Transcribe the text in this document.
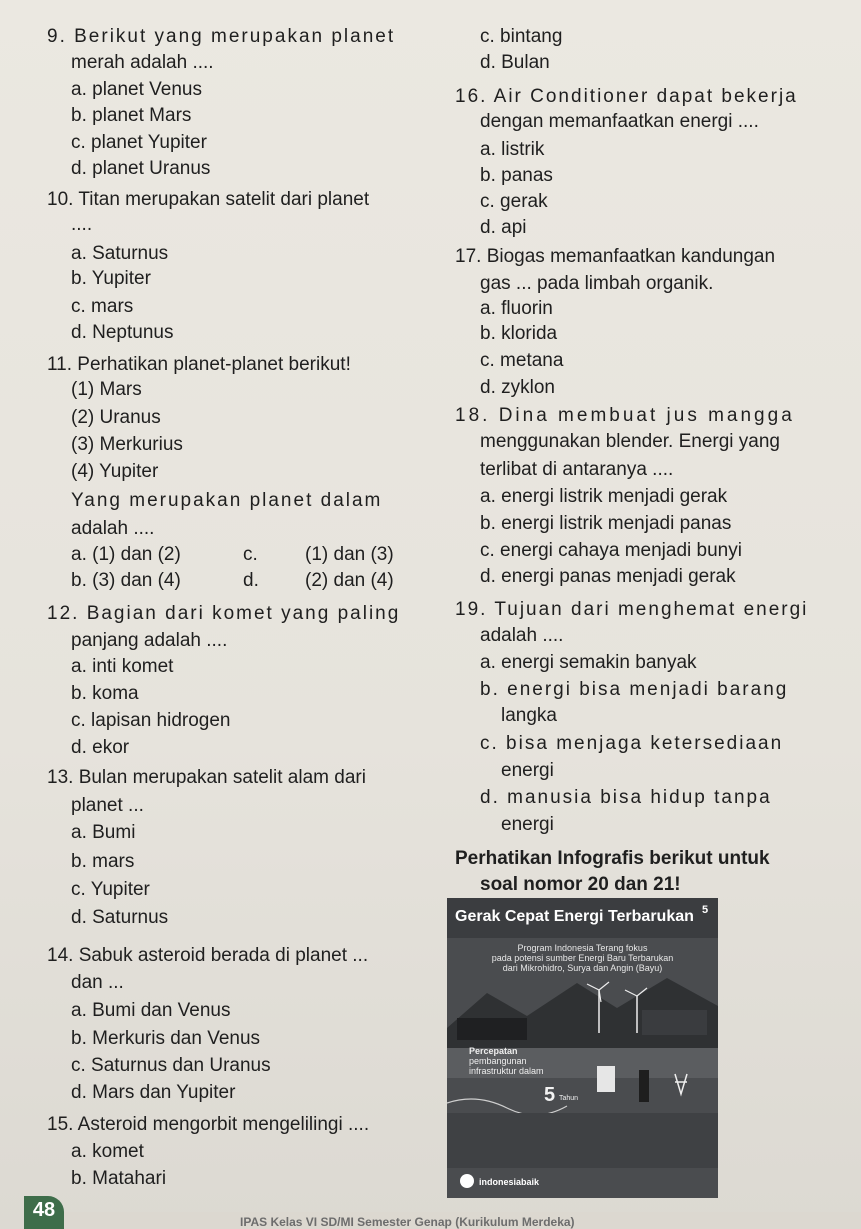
9. Berikut yang merupakan planet
merah adalah ....
a. planet Venus
b. planet Mars
c. planet Yupiter
d. planet Uranus
10. Titan merupakan satelit dari planet
....
a. Saturnus
b. Yupiter
c. mars
d. Neptunus
11. Perhatikan planet-planet berikut!
(1) Mars
(2) Uranus
(3) Merkurius
(4) Yupiter
Yang merupakan planet dalam
adalah ....
a. (1) dan (2)	c. (1) dan (3)
b. (3) dan (4)	d. (2) dan (4)
12. Bagian dari komet yang paling
panjang adalah ....
a. inti komet
b. koma
c. lapisan hidrogen
d. ekor
13. Bulan merupakan satelit alam dari
planet ...
a. Bumi
b. mars
c. Yupiter
d. Saturnus
14. Sabuk asteroid berada di planet ...
dan ...
a. Bumi dan Venus
b. Merkuris dan Venus
c. Saturnus dan Uranus
d. Mars dan Yupiter
15. Asteroid mengorbit mengelilingi ....
a. komet
b. Matahari
c. bintang
d. Bulan
16. Air Conditioner dapat bekerja
dengan memanfaatkan energi ....
a. listrik
b. panas
c. gerak
d. api
17. Biogas memanfaatkan kandungan
gas ... pada limbah organik.
a. fluorin
b. klorida
c. metana
d. zyklon
18. Dina membuat jus mangga
menggunakan blender. Energi yang
terlibat di antaranya ....
a. energi listrik menjadi gerak
b. energi listrik menjadi panas
c. energi cahaya menjadi bunyi
d. energi panas menjadi gerak
19. Tujuan dari menghemat energi
adalah ....
a. energi semakin banyak
b. energi bisa menjadi barang
langka
c. bisa menjaga ketersediaan
energi
d. manusia bisa hidup tanpa
energi
Perhatikan Infografis berikut untuk
soal nomor 20 dan 21!
Gerak Cepat Energi Terbarukan 5
Program Indonesia Terang fokus
pada potensi sumber Energi Baru Terbarukan
dari Mikrohidro, Surya dan Angin (Bayu)
Percepatan
pembangunan
infrastruktur dalam
5 Tahun
indonesiabaik
48
IPAS Kelas VI SD/MI Semester Genap (Kurikulum Merdeka)
